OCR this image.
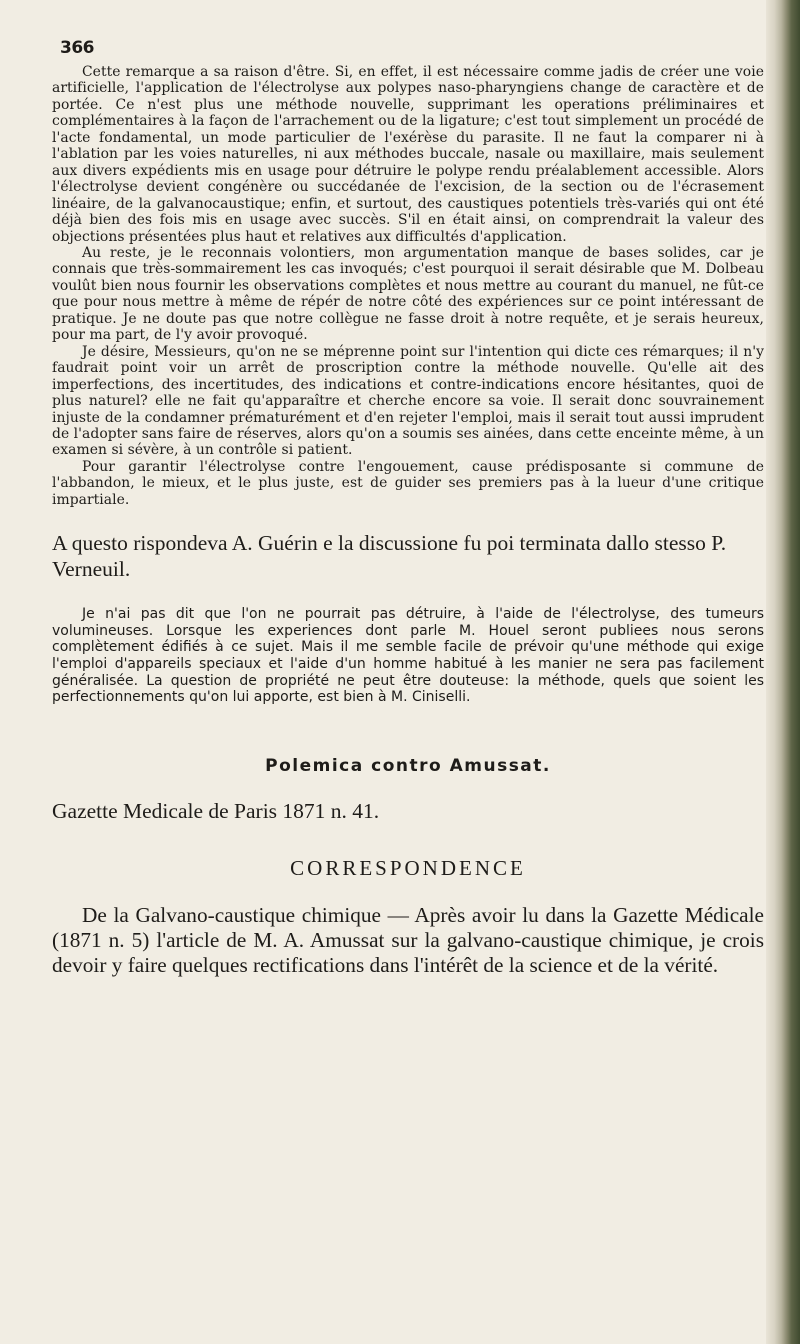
366

Cette remarque a sa raison d'être. Si, en effet, il est nécessaire comme jadis de créer une voie artificielle, l'application de l'électrolyse aux polypes naso-pharyngiens change de caractère et de portée. Ce n'est plus une méthode nouvelle, supprimant les operations préliminaires et complémentaires à la façon de l'arrachement ou de la ligature; c'est tout simplement un procédé de l'acte fondamental, un mode particulier de l'exérèse du parasite. Il ne faut la comparer ni à l'ablation par les voies naturelles, ni aux méthodes buccale, nasale ou maxillaire, mais seulement aux divers expédients mis en usage pour détruire le polype rendu préalablement accessible. Alors l'électrolyse devient congénère ou succédanée de l'excision, de la section ou de l'écrasement linéaire, de la galvanocaustique; enfin, et surtout, des caustiques potentiels très-variés qui ont été déjà bien des fois mis en usage avec succès. S'il en était ainsi, on comprendrait la valeur des objections présentées plus haut et relatives aux difficultés d'application.

Au reste, je le reconnais volontiers, mon argumentation manque de bases solides, car je connais que très-sommairement les cas invoqués; c'est pourquoi il serait désirable que M. Dolbeau voulût bien nous fournir les observations complètes et nous mettre au courant du manuel, ne fût-ce que pour nous mettre à même de répér de notre côté des expériences sur ce point intéressant de pratique. Je ne doute pas que notre collègue ne fasse droit à notre requête, et je serais heureux, pour ma part, de l'y avoir provoqué.

Je désire, Messieurs, qu'on ne se méprenne point sur l'intention qui dicte ces rémarques; il n'y faudrait point voir un arrêt de proscription contre la méthode nouvelle. Qu'elle ait des imperfections, des incertitudes, des indications et contre-indications encore hésitantes, quoi de plus naturel? elle ne fait qu'apparaître et cherche encore sa voie. Il serait donc souvrainement injuste de la condamner prématurément et d'en rejeter l'emploi, mais il serait tout aussi imprudent de l'adopter sans faire de réserves, alors qu'on a soumis ses ainées, dans cette enceinte même, à un examen si sévère, à un contrôle si patient.

Pour garantir l'électrolyse contre l'engouement, cause prédisposante si commune de l'abbandon, le mieux, et le plus juste, est de guider ses premiers pas à la lueur d'une critique impartiale.

A questo rispondeva A. Guérin e la discussione fu poi terminata dallo stesso P. Verneuil.

Je n'ai pas dit que l'on ne pourrait pas détruire, à l'aide de l'électrolyse, des tumeurs volumineuses. Lorsque les experiences dont parle M. Houel seront publiees nous serons complètement édifiés à ce sujet. Mais il me semble facile de prévoir qu'une méthode qui exige l'emploi d'appareils speciaux et l'aide d'un homme habitué à les manier ne sera pas facilement généralisée. La question de propriété ne peut être douteuse: la méthode, quels que soient les perfectionnements qu'on lui apporte, est bien à M. Ciniselli.

Polemica contro Amussat.

Gazette Medicale de Paris 1871 n. 41.

CORRESPONDENCE

De la Galvano-caustique chimique — Après avoir lu dans la Gazette Médicale (1871 n. 5) l'article de M. A. Amussat sur la galvano-caustique chimique, je crois devoir y faire quelques rectifications dans l'intérêt de la science et de la vérité.
